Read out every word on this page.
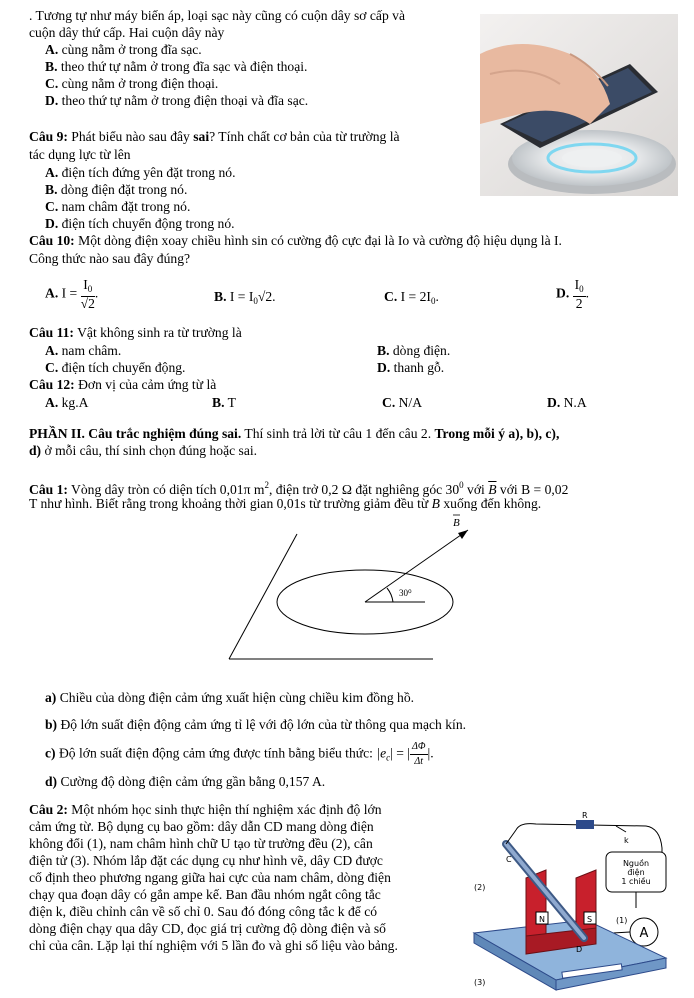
. Tương tự như máy biến áp, loại sạc này cũng có cuộn dây sơ cấp và
cuộn dây thứ cấp. Hai cuộn dây này
A. cùng nằm ở trong đĩa sạc.
B. theo thứ tự nằm ở trong đĩa sạc và điện thoại.
C. cùng nằm ở trong điện thoại.
D. theo thứ tự nằm ở trong điện thoại và đĩa sạc.
Câu 9: Phát biểu nào sau đây sai? Tính chất cơ bản của từ trường là
tác dụng lực từ lên
A. điện tích đứng yên đặt trong nó.
B. dòng điện đặt trong nó.
C. nam châm đặt trong nó.
D. điện tích chuyển động trong nó.
Câu 10: Một dòng điện xoay chiều hình sin có cường độ cực đại là Io và cường độ hiệu dụng là I.
Công thức nào sau đây đúng?
A. $I = \frac{I_0}{√2}$ .	B. $I = I_0√2$.	C. $I = 2I_0$.	D. $\frac{I_0}{2}$ .
Câu 11: Vật không sinh ra từ trường là
A. nam châm.	B. dòng điện.
C. điện tích chuyển động.	D. thanh gỗ.
Câu 12: Đơn vị của cảm ứng từ là
A. kg.A	B. T	C. N/A	D. N.A
PHẦN II. Câu trắc nghiệm đúng sai. Thí sinh trả lời từ câu 1 đến câu 2. Trong mỗi ý a), b), c),
d) ở mỗi câu, thí sinh chọn đúng hoặc sai.
Câu 1: Vòng dây tròn có diện tích 0,01π $m^2$, điện trở 0,2 Ω đặt nghiêng góc $30^0$ với $\overline{B}$ với B = 0,02
T như hình. Biết rằng trong khoảng thời gian 0,01s từ trường giảm đều từ B xuống đến không.
30⁰
B
a) Chiều của dòng điện cảm ứng xuất hiện cùng chiều kim đồng hồ.
b) Độ lớn suất điện động cảm ứng tỉ lệ với độ lớn của từ thông qua mạch kín.
c) Độ lớn suất điện động cảm ứng được tính bằng biểu thức: $|e_c|$ = | $\frac{\Delta\Phi}{\Delta t}$ |.
d) Cường độ dòng điện cảm ứng gần bằng 0,157 A.
Câu 2: Một nhóm học sinh thực hiện thí nghiệm xác định độ lớn
cảm ứng từ. Bộ dụng cụ bao gồm: dây dẫn CD mang dòng điện
không đổi (1), nam châm hình chữ U tạo từ trường đều (2), cân
điện tử (3). Nhóm lắp đặt các dụng cụ như hình vẽ, dây CD được
cố định theo phương ngang giữa hai cực của nam châm, dòng điện
chạy qua đoạn dây có gắn ampe kế. Ban đầu nhóm ngắt công tắc
điện k, điều chỉnh cân về số chỉ 0. Sau đó đóng công tắc k để có
dòng điện chạy qua dây CD, đọc giá trị cường độ dòng điện và số
chỉ của cân. Lặp lại thí nghiệm với 5 lần đo và ghi số liệu vào bảng.
R
k
Nguồn
điện
1 chiều
A
(1)
(3)
N	S
(2)
C
D
